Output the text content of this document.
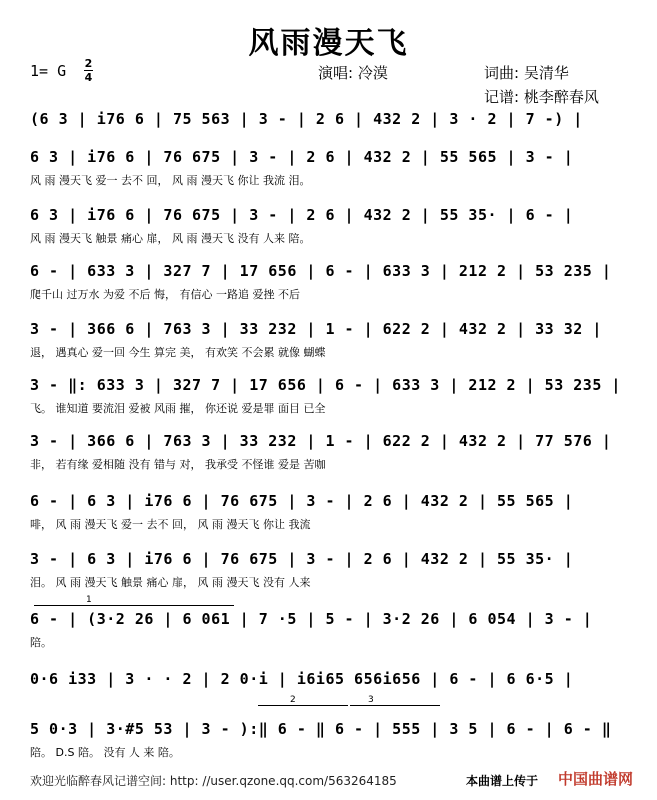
风雨漫天飞
1= G 2
4	演唱: 冷漠	词曲: 吴清华
记谱: 桃李醉春风
(6 3 | i76 6 | 75 563 | 3 - | 2 6 | 432 2 | 3 · 2 | 7 -) |
6 3 | i76 6 | 76 675 | 3 - | 2 6 | 432 2 | 55 565 | 3 - |
风 雨 漫天飞 爱一 去不 回， 风 雨 漫天飞 你让 我流 泪。
6 3 | i76 6 | 76 675 | 3 - | 2 6 | 432 2 | 55 35· | 6 - |
风 雨 漫天飞 触景 痛心 扉， 风 雨 漫天飞 没有 人来 陪。
6 - | 633 3 | 327 7 | 17 656 | 6 - | 633 3 | 212 2 | 53 235 |
爬千山 过万水 为爱 不后 悔， 有信心 一路追 爱挫 不后
3 - | 366 6 | 763 3 | 33 232 | 1 - | 622 2 | 432 2 | 33 32 |
退， 遇真心 爱一回 今生 算完 美， 有欢笑 不会累 就像 蝴蝶
3 - ‖: 633 3 | 327 7 | 17 656 | 6 - | 633 3 | 212 2 | 53 235 |
飞。 谁知道 要流泪 爱被 风雨 摧， 你还说 爱是罪 面目 已全
3 - | 366 6 | 763 3 | 33 232 | 1 - | 622 2 | 432 2 | 77 576 |
非， 若有缘 爱相随 没有 错与 对， 我承受 不怪谁 爱是 苦咖
6 - | 6 3 | i76 6 | 76 675 | 3 - | 2 6 | 432 2 | 55 565 |
啡， 风 雨 漫天飞 爱一 去不 回， 风 雨 漫天飞 你让 我流
3 - | 6 3 | i76 6 | 76 675 | 3 - | 2 6 | 432 2 | 55 35· |
泪。 风 雨 漫天飞 触景 痛心 扉， 风 雨 漫天飞 没有 人来
6 - | (3·2 26 | 6 061 | 7 ·5 | 5 - | 3·2 26 | 6 054 | 3 - |
陪。
0·6 i33 | 3 · · 2 | 2 0·i | i6i65 656i656 | 6 - | 6 6·5 |
5 0·3 | 3·#5 53 | 3 - ):‖ 6 - ‖ 6 - | 555 | 3 5 | 6 - | 6 - ‖
陪。 D.S 陪。 没有 人 来 陪。
1
2	3
欢迎光临醉春风记谱空间: http: //user.qzone.qq.com/563264185	本曲谱上传于 中国曲谱网
